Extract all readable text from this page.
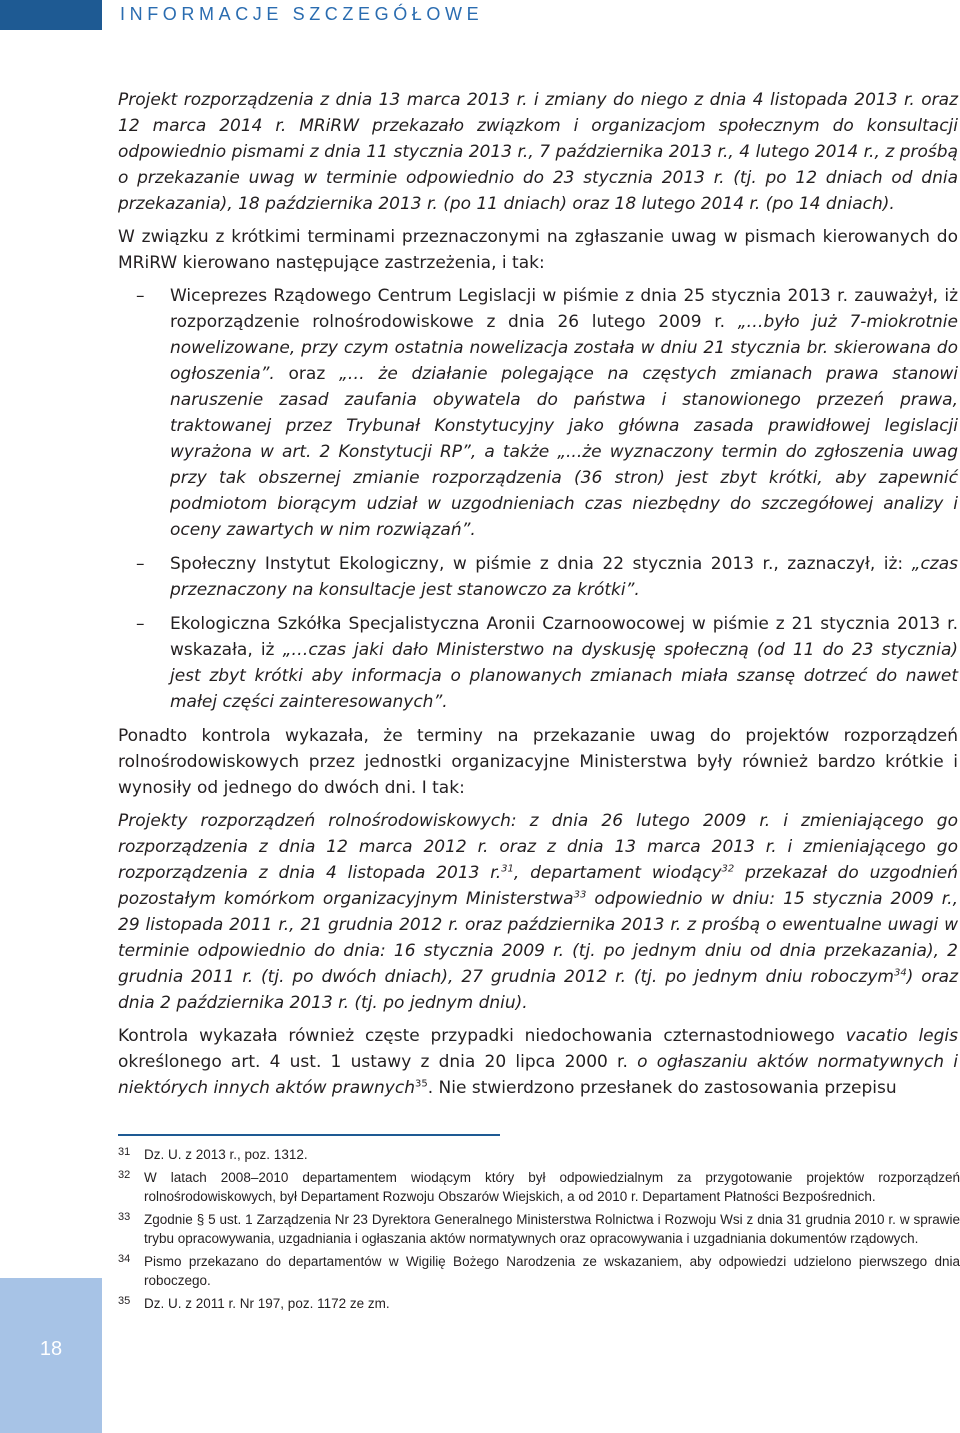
INFORMACJE SZCZEGÓŁOWE

Projekt rozporządzenia z dnia 13 marca 2013 r. i zmiany do niego z dnia 4 listopada 2013 r. oraz 12 marca 2014 r. MRiRW przekazało związkom i organizacjom społecznym do konsultacji odpowiednio pismami z dnia 11 stycznia 2013 r., 7 października 2013 r., 4 lutego 2014 r., z prośbą o przekazanie uwag w terminie odpowiednio do 23 stycznia 2013 r. (tj. po 12 dniach od dnia przekazania), 18 października 2013 r. (po 11 dniach) oraz 18 lutego 2014 r. (po 14 dniach).

W związku z krótkimi terminami przeznaczonymi na zgłaszanie uwag w pismach kierowanych do MRiRW kierowano następujące zastrzeżenia, i tak:

– Wiceprezes Rządowego Centrum Legislacji w piśmie z dnia 25 stycznia 2013 r. zauważył, iż rozporządzenie rolnośrodowiskowe z dnia 26 lutego 2009 r. „…było już 7-miokrotnie nowelizowane, przy czym ostatnia nowelizacja została w dniu 21 stycznia br. skierowana do ogłoszenia”. oraz „… że działanie polegające na częstych zmianach prawa stanowi naruszenie zasad zaufania obywatela do państwa i stanowionego przezeń prawa, traktowanej przez Trybunał Konstytucyjny jako główna zasada prawidłowej legislacji wyrażona w art. 2 Konstytucji RP”, a także „...że wyznaczony termin do zgłoszenia uwag przy tak obszernej zmianie rozporządzenia (36 stron) jest zbyt krótki, aby zapewnić podmiotom biorącym udział w uzgodnieniach czas niezbędny do szczegółowej analizy i oceny zawartych w nim rozwiązań”.
– Społeczny Instytut Ekologiczny, w piśmie z dnia 22 stycznia 2013 r., zaznaczył, iż: „czas przeznaczony na konsultacje jest stanowczo za krótki”.
– Ekologiczna Szkółka Specjalistyczna Aronii Czarnoowocowej w piśmie z 21 stycznia 2013 r. wskazała, iż „…czas jaki dało Ministerstwo na dyskusję społeczną (od 11 do 23 stycznia) jest zbyt krótki aby informacja o planowanych zmianach miała szansę dotrzeć do nawet małej części zainteresowanych”.

Ponadto kontrola wykazała, że terminy na przekazanie uwag do projektów rozporządzeń rolnośrodowiskowych przez jednostki organizacyjne Ministerstwa były również bardzo krótkie i wynosiły od jednego do dwóch dni. I tak:

Projekty rozporządzeń rolnośrodowiskowych: z dnia 26 lutego 2009 r. i zmieniającego go rozporządzenia z dnia 12 marca 2012 r. oraz z dnia 13 marca 2013 r. i zmieniającego go rozporządzenia z dnia 4 listopada 2013 r.$^{31}$, departament wiodący$^{32}$ przekazał do uzgodnień pozostałym komórkom organizacyjnym Ministerstwa$^{33}$ odpowiednio w dniu: 15 stycznia 2009 r., 29 listopada 2011 r., 21 grudnia 2012 r. oraz października 2013 r. z prośbą o ewentualne uwagi w terminie odpowiednio do dnia: 16 stycznia 2009 r. (tj. po jednym dniu od dnia przekazania), 2 grudnia 2011 r. (tj. po dwóch dniach), 27 grudnia 2012 r. (tj. po jednym dniu roboczym$^{34}$) oraz dnia 2 października 2013 r. (tj. po jednym dniu).

Kontrola wykazała również częste przypadki niedochowania czternastodniowego vacatio legis określonego art. 4 ust. 1 ustawy z dnia 20 lipca 2000 r. o ogłaszaniu aktów normatywnych i niektórych innych aktów prawnych$^{35}$. Nie stwierdzono przesłanek do zastosowania przepisu

31 Dz. U. z 2013 r., poz. 1312.
32 W latach 2008–2010 departamentem wiodącym który był odpowiedzialnym za przygotowanie projektów rozporządzeń rolnośrodowiskowych, był Departament Rozwoju Obszarów Wiejskich, a od 2010 r. Departament Płatności Bezpośrednich.
33 Zgodnie § 5 ust. 1 Zarządzenia Nr 23 Dyrektora Generalnego Ministerstwa Rolnictwa i Rozwoju Wsi z dnia 31 grudnia 2010 r. w sprawie trybu opracowywania, uzgadniania i ogłaszania aktów normatywnych oraz opracowywania i uzgadniania dokumentów rządowych.
34 Pismo przekazano do departamentów w Wigilię Bożego Narodzenia ze wskazaniem, aby odpowiedzi udzielono pierwszego dnia roboczego.
35 Dz. U. z 2011 r. Nr 197, poz. 1172 ze zm.
18
